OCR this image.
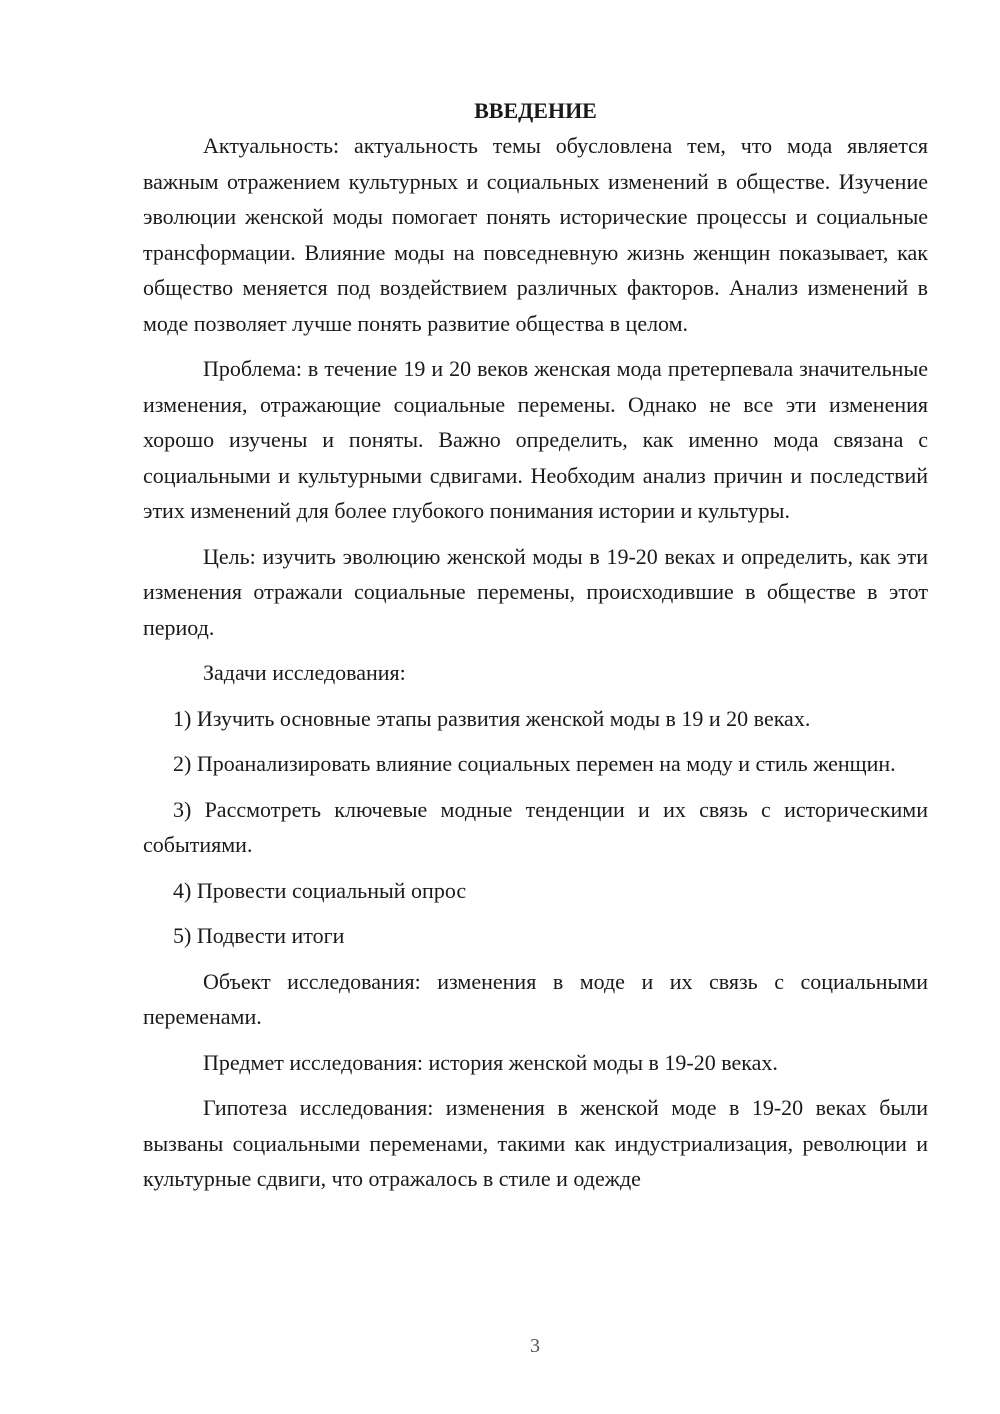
ВВЕДЕНИЕ

Актуальность: актуальность темы обусловлена тем, что мода является важным отражением культурных и социальных изменений в обществе. Изучение эволюции женской моды помогает понять исторические процессы и социальные трансформации. Влияние моды на повседневную жизнь женщин показывает, как общество меняется под воздействием различных факторов. Анализ изменений в моде позволяет лучше понять развитие общества в целом.

Проблема: в течение 19 и 20 веков женская мода претерпевала значительные изменения, отражающие социальные перемены. Однако не все эти изменения хорошо изучены и поняты. Важно определить, как именно мода связана с социальными и культурными сдвигами. Необходим анализ причин и последствий этих изменений для более глубокого понимания истории и культуры.

Цель: изучить эволюцию женской моды в 19-20 веках и определить, как эти изменения отражали социальные перемены, происходившие в обществе в этот период.

Задачи исследования:

1) Изучить основные этапы развития женской моды в 19 и 20 веках.

2) Проанализировать влияние социальных перемен на моду и стиль женщин.

3) Рассмотреть ключевые модные тенденции и их связь с историческими событиями.

4) Провести социальный опрос

5) Подвести итоги

Объект исследования: изменения в моде и их связь с социальными переменами.

Предмет исследования: история женской моды в 19-20 веках.

Гипотеза исследования: изменения в женской моде в 19-20 веках были вызваны социальными переменами, такими как индустриализация, революции и культурные сдвиги, что отражалось в стиле и одежде

3
